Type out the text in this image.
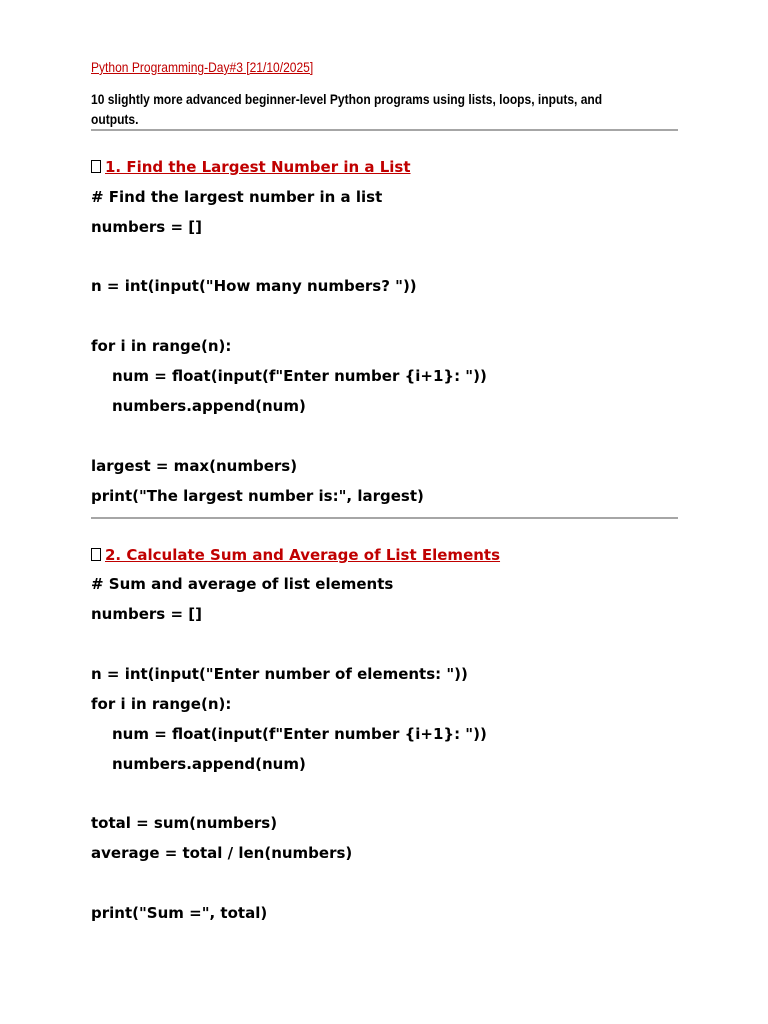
Python Programming-Day#3 [21/10/2025]
10 slightly more advanced beginner-level Python programs using lists, loops, inputs, and
outputs.
1. Find the Largest Number in a List
# Find the largest number in a list
numbers = []
n = int(input("How many numbers? "))
for i in range(n):
num = float(input(f"Enter number {i+1}: "))
numbers.append(num)
largest = max(numbers)
print("The largest number is:", largest)
2. Calculate Sum and Average of List Elements
# Sum and average of list elements
numbers = []
n = int(input("Enter number of elements: "))
for i in range(n):
num = float(input(f"Enter number {i+1}: "))
numbers.append(num)
total = sum(numbers)
average = total / len(numbers)
print("Sum =", total)
